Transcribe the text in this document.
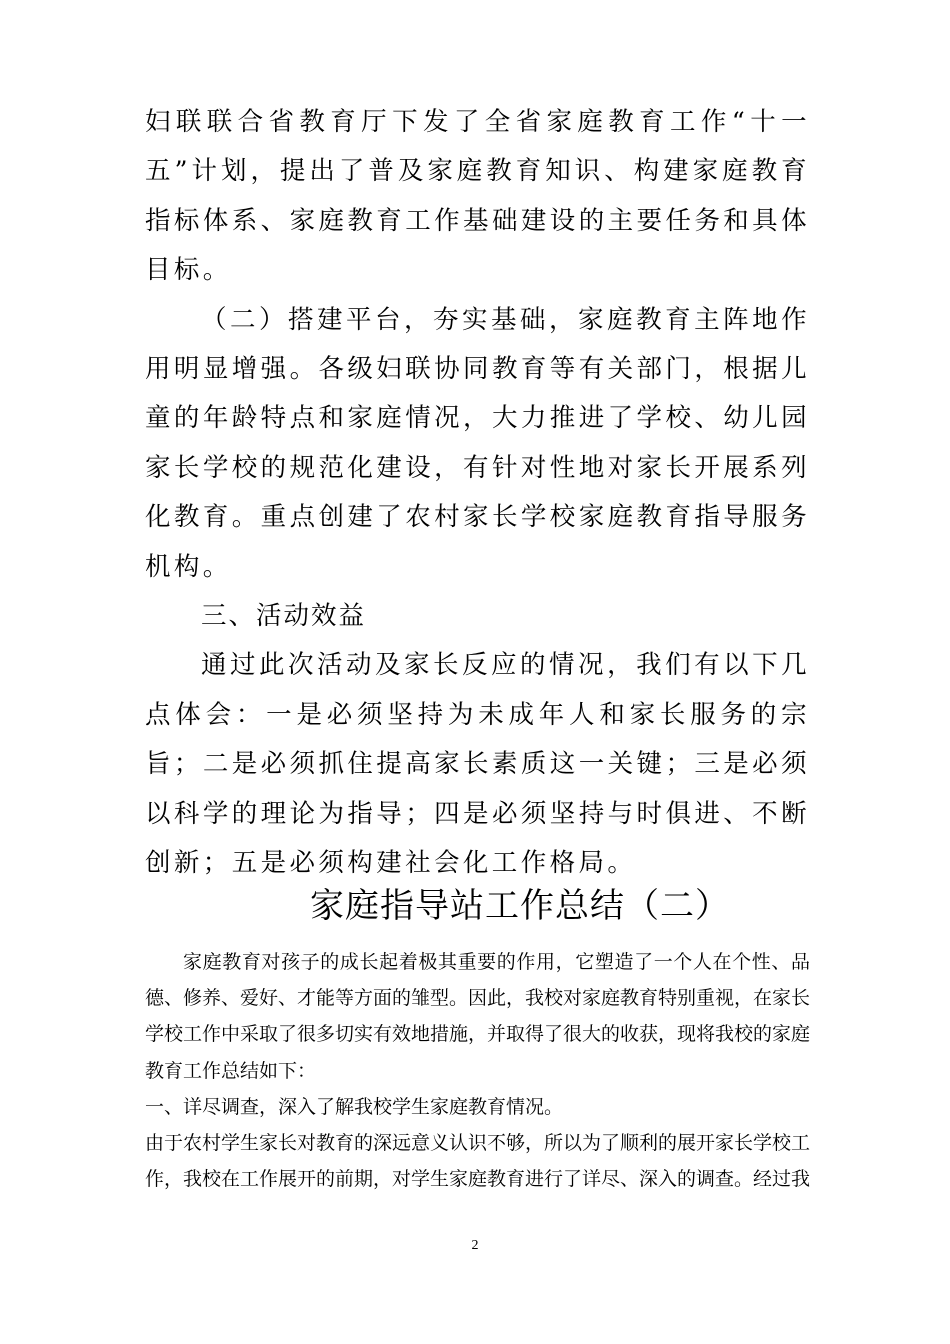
妇联联合省教育厅下发了全省家庭教育工作“十一五”计划，提出了普及家庭教育知识、构建家庭教育指标体系、家庭教育工作基础建设的主要任务和具体目标。

（二）搭建平台，夯实基础，家庭教育主阵地作用明显增强。各级妇联协同教育等有关部门，根据儿童的年龄特点和家庭情况，大力推进了学校、幼儿园家长学校的规范化建设，有针对性地对家长开展系列化教育。重点创建了农村家长学校家庭教育指导服务机构。

三、活动效益

通过此次活动及家长反应的情况，我们有以下几点体会：一是必须坚持为未成年人和家长服务的宗旨；二是必须抓住提高家长素质这一关键；三是必须以科学的理论为指导；四是必须坚持与时俱进、不断创新；五是必须构建社会化工作格局。

家庭指导站工作总结（二）

家庭教育对孩子的成长起着极其重要的作用，它塑造了一个人在个性、品德、修养、爱好、才能等方面的雏型。因此，我校对家庭教育特别重视，在家长学校工作中采取了很多切实有效地措施，并取得了很大的收获，现将我校的家庭教育工作总结如下：

一、详尽调查，深入了解我校学生家庭教育情况。

由于农村学生家长对教育的深远意义认识不够，所以为了顺利的展开家长学校工作，我校在工作展开的前期，对学生家庭教育进行了详尽、深入的调查。经过我

2
